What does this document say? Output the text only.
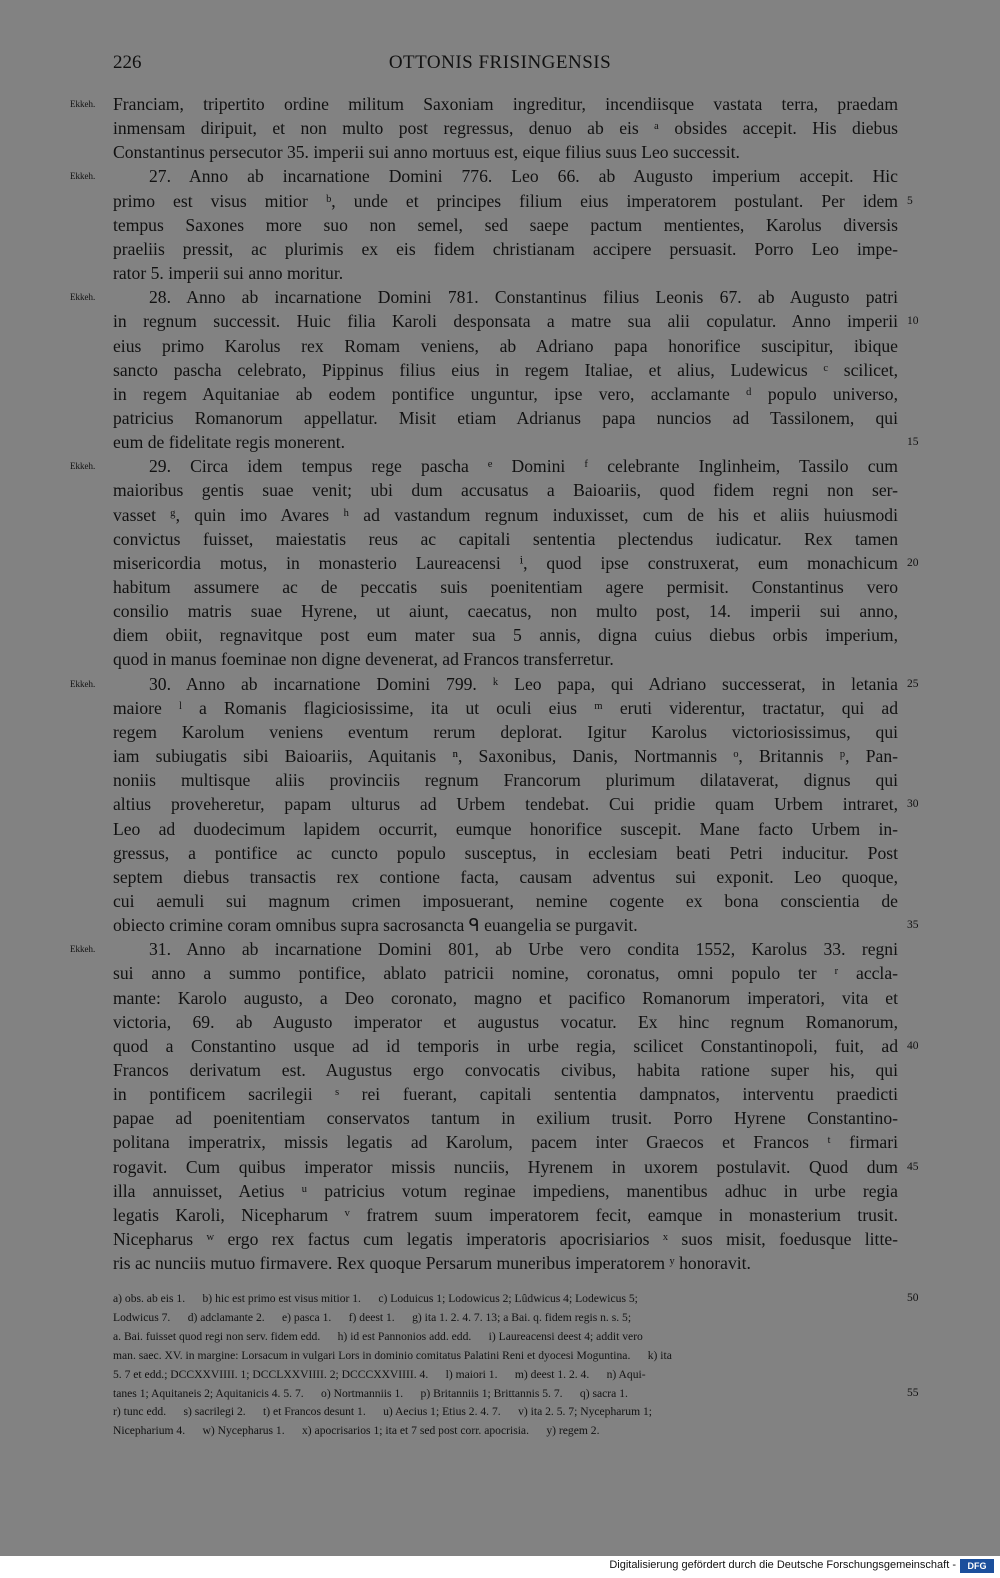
226	OTTONIS FRISINGENSIS
Digitalisierung gefördert durch die Deutsche Forschungsgemeinschaft -	DFG
Franciam, tripertito ordine militum Saxoniam ingreditur, incendiisque vastata terra, praedam
Ekkeh.
inmensam diripuit, et non multo post regressus, denuo ab eis ᵃ obsides accepit. His diebus
Constantinus persecutor 35. imperii sui anno mortuus est, eique filius suus Leo successit.
27. Anno ab incarnatione Domini 776. Leo 66. ab Augusto imperium accepit. Hic
Ekkeh.
primo est visus mitior ᵇ, unde et principes filium eius imperatorem postulant. Per idem 5
tempus Saxones more suo non semel, sed saepe pactum mentientes, Karolus diversis
praeliis pressit, ac plurimis ex eis fidem christianam accipere persuasit. Porro Leo impe-
rator 5. imperii sui anno moritur.
28. Anno ab incarnatione Domini 781. Constantinus filius Leonis 67. ab Augusto patri
Ekkeh.
in regnum successit. Huic filia Karoli desponsata a matre sua alii copulatur. Anno imperii 10
eius primo Karolus rex Romam veniens, ab Adriano papa honorifice suscipitur, ibique
sancto pascha celebrato, Pippinus filius eius in regem Italiae, et alius, Ludewicus ᶜ scilicet,
in regem Aquitaniae ab eodem pontifice unguntur, ipse vero, acclamante ᵈ populo universo,
patricius Romanorum appellatur. Misit etiam Adrianus papa nuncios ad Tassilonem, qui
eum de fidelitate regis monerent.	15
29. Circa idem tempus rege pascha ᵉ Domini ᶠ celebrante Inglinheim, Tassilo cum
Ekkeh.
maioribus gentis suae venit; ubi dum accusatus a Baioariis, quod fidem regni non ser-
vasset ᵍ, quin imo Avares ʰ ad vastandum regnum induxisset, cum de his et aliis huiusmodi
convictus fuisset, maiestatis reus ac capitali sententia plectendus iudicatur. Rex tamen
misericordia motus, in monasterio Laureacensi ⁱ, quod ipse construxerat, eum monachicum 20
habitum assumere ac de peccatis suis poenitentiam agere permisit. Constantinus vero
consilio matris suae Hyrene, ut aiunt, caecatus, non multo post, 14. imperii sui anno,
diem obiit, regnavitque post eum mater sua 5 annis, digna cuius diebus orbis imperium,
quod in manus foeminae non digne devenerat, ad Francos transferretur.
30. Anno ab incarnatione Domini 799. ᵏ Leo papa, qui Adriano successerat, in letania
Ekkeh.	25
maiore ˡ a Romanis flagiciosissime, ita ut oculi eius ᵐ eruti viderentur, tractatur, qui ad
regem Karolum veniens eventum rerum deplorat. Igitur Karolus victoriosissimus, qui
iam subiugatis sibi Baioariis, Aquitanis ⁿ, Saxonibus, Danis, Nortmannis ᵒ, Britannis ᵖ, Pan-
noniis multisque aliis provinciis regnum Francorum plurimum dilataverat, dignus qui
altius proveheretur, papam ulturus ad Urbem tendebat. Cui pridie quam Urbem intraret, 30
Leo ad duodecimum lapidem occurrit, eumque honorifice suscepit. Mane facto Urbem in-
gressus, a pontifice ac cuncto populo susceptus, in ecclesiam beati Petri inducitur. Post
septem diebus transactis rex contione facta, causam adventus sui exponit. Leo quoque,
cui aemuli sui magnum crimen imposuerant, nemine cogente ex bona conscientia de
obiecto crimine coram omnibus supra sacrosancta ᑫ euangelia se purgavit.	35
31. Anno ab incarnatione Domini 801, ab Urbe vero condita 1552, Karolus 33. regni
Ekkeh.
sui anno a summo pontifice, ablato patricii nomine, coronatus, omni populo ter ʳ accla-
mante: Karolo augusto, a Deo coronato, magno et pacifico Romanorum imperatori, vita et
victoria, 69. ab Augusto imperator et augustus vocatur. Ex hinc regnum Romanorum,
quod a Constantino usque ad id temporis in urbe regia, scilicet Constantinopoli, fuit, ad 40
Francos derivatum est. Augustus ergo convocatis civibus, habita ratione super his, qui
in pontificem sacrilegii ˢ rei fuerant, capitali sententia dampnatos, interventu praedicti
papae ad poenitentiam conservatos tantum in exilium trusit. Porro Hyrene Constantino-
politana imperatrix, missis legatis ad Karolum, pacem inter Graecos et Francos ᵗ firmari
rogavit. Cum quibus imperator missis nunciis, Hyrenem in uxorem postulavit. Quod dum 45
illa annuisset, Aetius ᵘ patricius votum reginae impediens, manentibus adhuc in urbe regia
legatis Karoli, Nicepharum ᵛ fratrem suum imperatorem fecit, eamque in monasterium trusit.
Nicepharus ʷ ergo rex factus cum legatis imperatoris apocrisiarios ˣ suos misit, foedusque litte-
ris ac nunciis mutuo firmavere. Rex quoque Persarum muneribus imperatorem ʸ honoravit.
a) obs. ab eis 1.      b) hic est primo est visus mitior 1.      c) Loduicus 1; Lodowicus 2; Lûdwicus 4; Lodewicus 5;	50
Lodwicus 7.      d) adclamante 2.      e) pasca 1.      f) deest 1.      g) ita 1. 2. 4. 7. 13; a Bai. q. fidem regis n. s. 5;
a. Bai. fuisset quod regi non serv. fidem edd.      h) id est Pannonios add. edd.      i) Laureacensi deest 4; addit vero
man. saec. XV. in margine: Lorsacum in vulgari Lors in dominio comitatus Palatini Reni et dyocesi Moguntina.      k) ita
5. 7 et edd.; DCCXXVIIII. 1; DCCLXXVIIII. 2; DCCCXXVIIII. 4.      l) maiori 1.      m) deest 1. 2. 4.      n) Aqui-
tanes 1; Aquitaneis 2; Aquitanicis 4. 5. 7.      o) Nortmanniis 1.      p) Britanniis 1; Brittannis 5. 7.      q) sacra 1.	55
r) tunc edd.      s) sacrilegi 2.      t) et Francos desunt 1.      u) Aecius 1; Etius 2. 4. 7.      v) ita 2. 5. 7; Nycepharum 1;
Nicepharium 4.      w) Nycepharus 1.      x) apocrisarios 1; ita et 7 sed post corr. apocrisia.      y) regem 2.
